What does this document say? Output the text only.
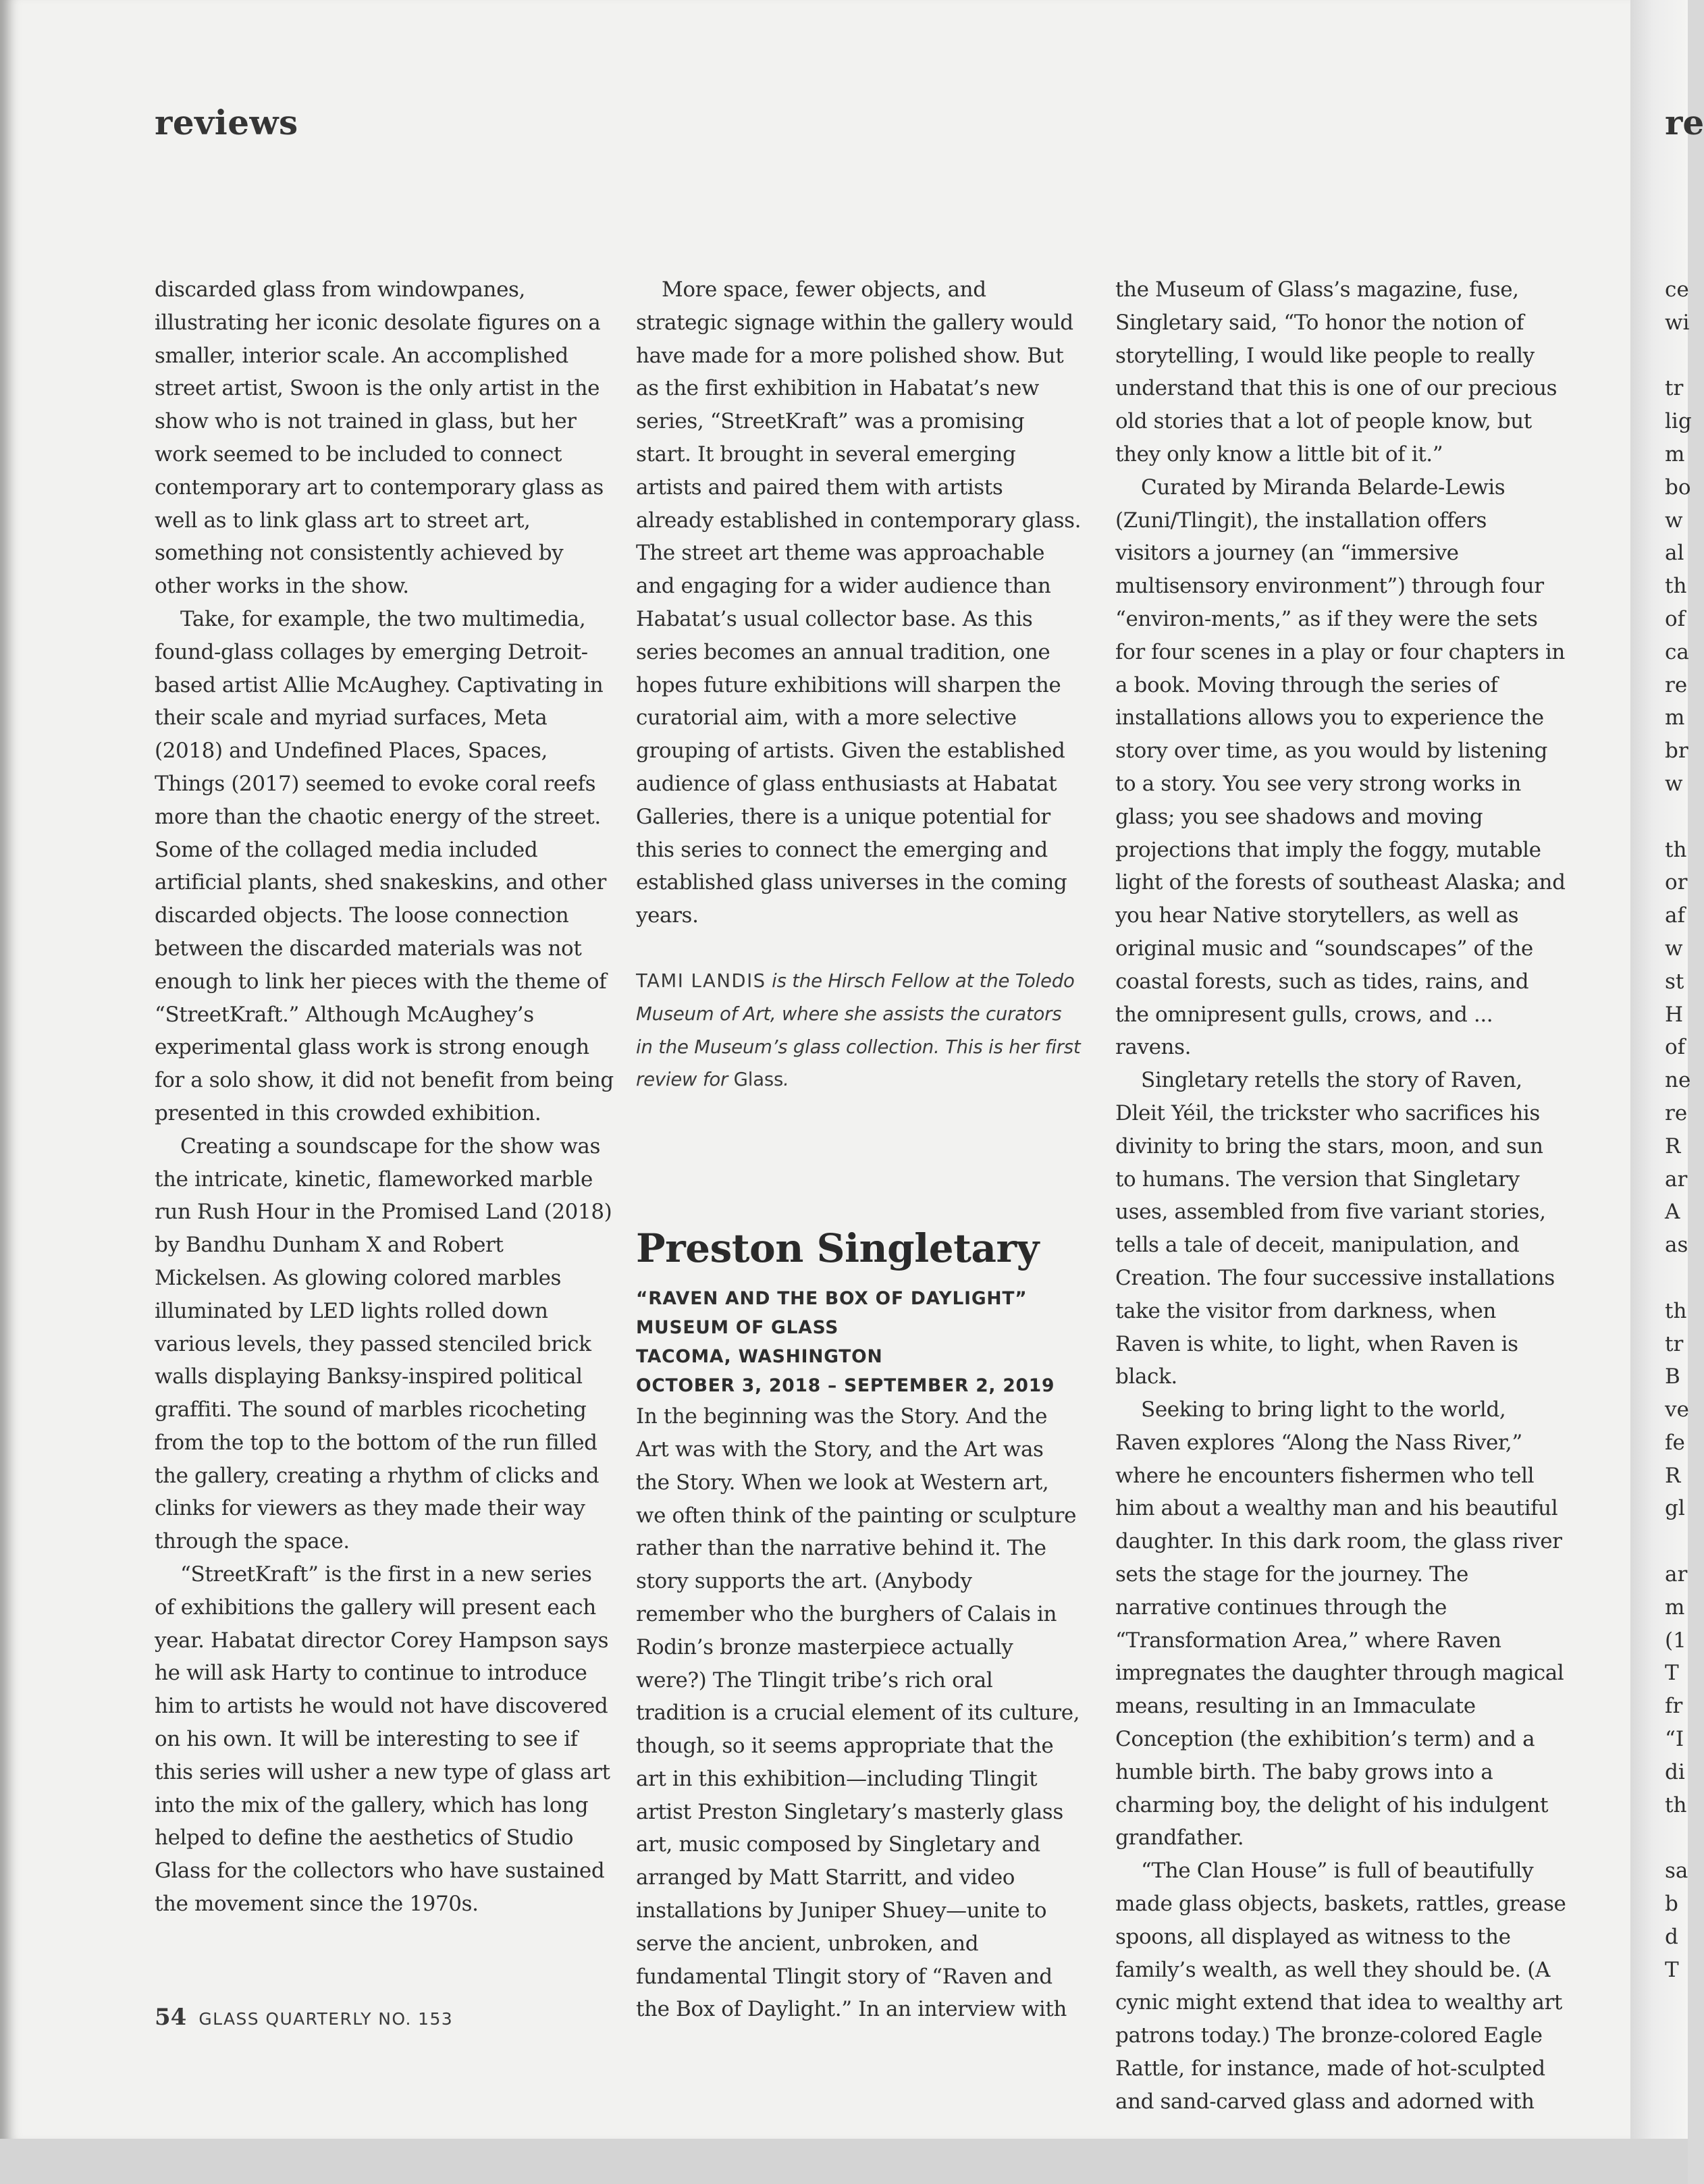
reviews	re

discarded glass from windowpanes, illustrating her iconic desolate figures on a smaller, interior scale. An accomplished street artist, Swoon is the only artist in the show who is not trained in glass, but her work seemed to be included to connect contemporary art to contemporary glass as well as to link glass art to street art, something not consistently achieved by other works in the show.

Take, for example, the two multimedia, found-glass collages by emerging Detroit-based artist Allie McAughey. Captivating in their scale and myriad surfaces, Meta (2018) and Undefined Places, Spaces, Things (2017) seemed to evoke coral reefs more than the chaotic energy of the street. Some of the collaged media included artificial plants, shed snakeskins, and other discarded objects. The loose connection between the discarded materials was not enough to link her pieces with the theme of “StreetKraft.” Although McAughey’s experimental glass work is strong enough for a solo show, it did not benefit from being presented in this crowded exhibition.

Creating a soundscape for the show was the intricate, kinetic, flameworked marble run Rush Hour in the Promised Land (2018) by Bandhu Dunham X and Robert Mickelsen. As glowing colored marbles illuminated by LED lights rolled down various levels, they passed stenciled brick walls displaying Banksy-inspired political graffiti. The sound of marbles ricocheting from the top to the bottom of the run filled the gallery, creating a rhythm of clicks and clinks for viewers as they made their way through the space.

“StreetKraft” is the first in a new series of exhibitions the gallery will present each year. Habatat director Corey Hampson says he will ask Harty to continue to introduce him to artists he would not have discovered on his own. It will be interesting to see if this series will usher a new type of glass art into the mix of the gallery, which has long helped to define the aesthetics of Studio Glass for the collectors who have sustained the movement since the 1970s.

More space, fewer objects, and strategic signage within the gallery would have made for a more polished show. But as the first exhibition in Habatat’s new series, “StreetKraft” was a promising start. It brought in several emerging artists and paired them with artists already established in contemporary glass. The street art theme was approachable and engaging for a wider audience than Habatat’s usual collector base. As this series becomes an annual tradition, one hopes future exhibitions will sharpen the curatorial aim, with a more selective grouping of artists. Given the established audience of glass enthusiasts at Habatat Galleries, there is a unique potential for this series to connect the emerging and established glass universes in the coming years.

TAMI LANDIS is the Hirsch Fellow at the Toledo Museum of Art, where she assists the curators in the Museum’s glass collection. This is her first review for Glass.
Preston Singletary
“RAVEN AND THE BOX OF DAYLIGHT”
MUSEUM OF GLASS
TACOMA, WASHINGTON
OCTOBER 3, 2018 – SEPTEMBER 2, 2019

In the beginning was the Story. And the Art was with the Story, and the Art was the Story. When we look at Western art, we often think of the painting or sculpture rather than the narrative behind it. The story supports the art. (Anybody remember who the burghers of Calais in Rodin’s bronze masterpiece actually were?) The Tlingit tribe’s rich oral tradition is a crucial element of its culture, though, so it seems appropriate that the art in this exhibition—including Tlingit artist Preston Singletary’s masterly glass art, music composed by Singletary and arranged by Matt Starritt, and video installations by Juniper Shuey—unite to serve the ancient, unbroken, and fundamental Tlingit story of “Raven and the Box of Daylight.” In an interview with

the Museum of Glass’s magazine, fuse, Singletary said, “To honor the notion of storytelling, I would like people to really understand that this is one of our precious old stories that a lot of people know, but they only know a little bit of it.”

Curated by Miranda Belarde-Lewis (Zuni/Tlingit), the installation offers visitors a journey (an “immersive multisensory environment”) through four “environ-ments,” as if they were the sets for four scenes in a play or four chapters in a book. Moving through the series of installations allows you to experience the story over time, as you would by listening to a story. You see very strong works in glass; you see shadows and moving projections that imply the foggy, mutable light of the forests of southeast Alaska; and you hear Native storytellers, as well as original music and “soundscapes” of the coastal forests, such as tides, rains, and the omnipresent gulls, crows, and ... ravens.

Singletary retells the story of Raven, Dleit Yéil, the trickster who sacrifices his divinity to bring the stars, moon, and sun to humans. The version that Singletary uses, assembled from five variant stories, tells a tale of deceit, manipulation, and Creation. The four successive installations take the visitor from darkness, when Raven is white, to light, when Raven is black.

Seeking to bring light to the world, Raven explores “Along the Nass River,” where he encounters fishermen who tell him about a wealthy man and his beautiful daughter. In this dark room, the glass river sets the stage for the journey. The narrative continues through the “Transformation Area,” where Raven impregnates the daughter through magical means, resulting in an Immaculate Conception (the exhibition’s term) and a humble birth. The baby grows into a charming boy, the delight of his indulgent grandfather.

“The Clan House” is full of beautifully made glass objects, baskets, rattles, grease spoons, all displayed as witness to the family’s wealth, as well they should be. (A cynic might extend that idea to wealthy art patrons today.) The bronze-colored Eagle Rattle, for instance, made of hot-sculpted and sand-carved glass and adorned with

ce
wi
tr
lig
m
bo
w
al
th
of
ca
re
m
br
w
th
or
af
w
st
H
of
ne
re
R
ar
A
as
th
tr
B
ve
fe
R
gl
ar
m
(1
T
fr
“I
di
th
sa
b
d
T
54 GLASS QUARTERLY NO. 153
